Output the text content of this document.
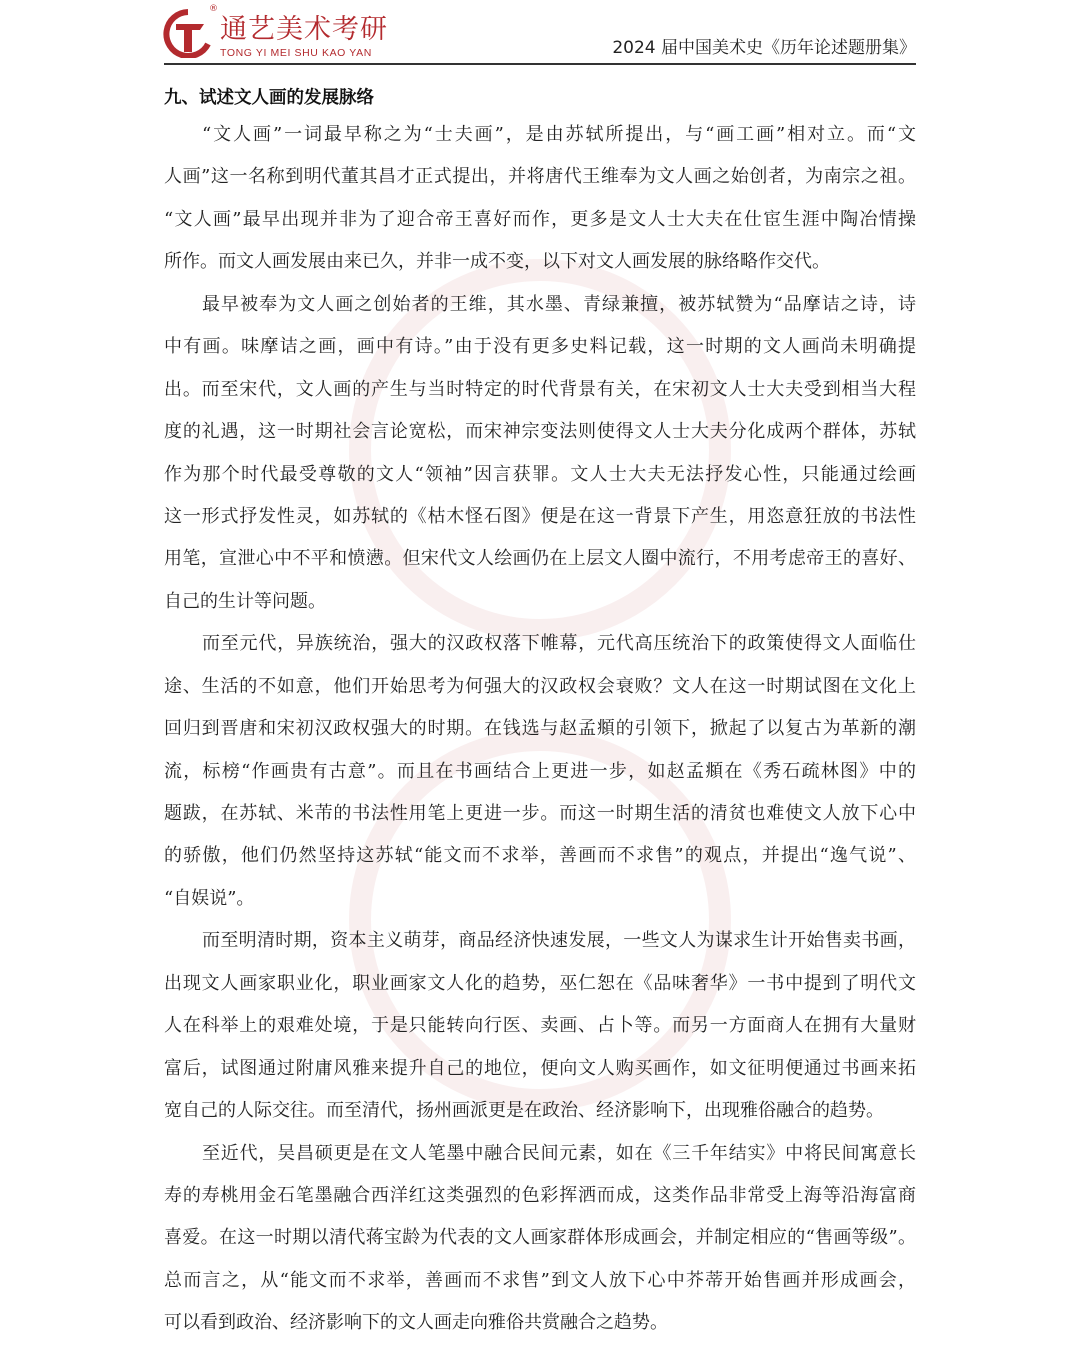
®
通艺美术考研
TONG YI MEI SHU KAO YAN	2024 届中国美术史《历年论述题册集》
九、试述文人画的发展脉络
“文人画”一词最早称之为“士夫画”，是由苏轼所提出，与“画工画”相对立。而“文
人画”这一名称到明代董其昌才正式提出，并将唐代王维奉为文人画之始创者，为南宗之祖。
“文人画”最早出现并非为了迎合帝王喜好而作，更多是文人士大夫在仕宦生涯中陶冶情操
所作。而文人画发展由来已久，并非一成不变，以下对文人画发展的脉络略作交代。
最早被奉为文人画之创始者的王维，其水墨、青绿兼擅，被苏轼赞为“品摩诘之诗，诗
中有画。味摩诘之画，画中有诗。”由于没有更多史料记载，这一时期的文人画尚未明确提
出。而至宋代，文人画的产生与当时特定的时代背景有关，在宋初文人士大夫受到相当大程
度的礼遇，这一时期社会言论宽松，而宋神宗变法则使得文人士大夫分化成两个群体，苏轼
作为那个时代最受尊敬的文人“领袖”因言获罪。文人士大夫无法抒发心性，只能通过绘画
这一形式抒发性灵，如苏轼的《枯木怪石图》便是在这一背景下产生，用恣意狂放的书法性
用笔，宣泄心中不平和愤懑。但宋代文人绘画仍在上层文人圈中流行，不用考虑帝王的喜好、
自己的生计等问题。
而至元代，异族统治，强大的汉政权落下帷幕，元代高压统治下的政策使得文人面临仕
途、生活的不如意，他们开始思考为何强大的汉政权会衰败？文人在这一时期试图在文化上
回归到晋唐和宋初汉政权强大的时期。在钱选与赵孟頫的引领下，掀起了以复古为革新的潮
流，标榜“作画贵有古意”。而且在书画结合上更进一步，如赵孟頫在《秀石疏林图》中的
题跋，在苏轼、米芾的书法性用笔上更进一步。而这一时期生活的清贫也难使文人放下心中
的骄傲，他们仍然坚持这苏轼“能文而不求举，善画而不求售”的观点，并提出“逸气说”、
“自娱说”。
而至明清时期，资本主义萌芽，商品经济快速发展，一些文人为谋求生计开始售卖书画，
出现文人画家职业化，职业画家文人化的趋势，巫仁恕在《品味奢华》一书中提到了明代文
人在科举上的艰难处境，于是只能转向行医、卖画、占卜等。而另一方面商人在拥有大量财
富后，试图通过附庸风雅来提升自己的地位，便向文人购买画作，如文征明便通过书画来拓
宽自己的人际交往。而至清代，扬州画派更是在政治、经济影响下，出现雅俗融合的趋势。
至近代，吴昌硕更是在文人笔墨中融合民间元素，如在《三千年结实》中将民间寓意长
寿的寿桃用金石笔墨融合西洋红这类强烈的色彩挥洒而成，这类作品非常受上海等沿海富商
喜爱。在这一时期以清代蒋宝龄为代表的文人画家群体形成画会，并制定相应的“售画等级”。
总而言之，从“能文而不求举，善画而不求售”到文人放下心中芥蒂开始售画并形成画会，
可以看到政治、经济影响下的文人画走向雅俗共赏融合之趋势。
